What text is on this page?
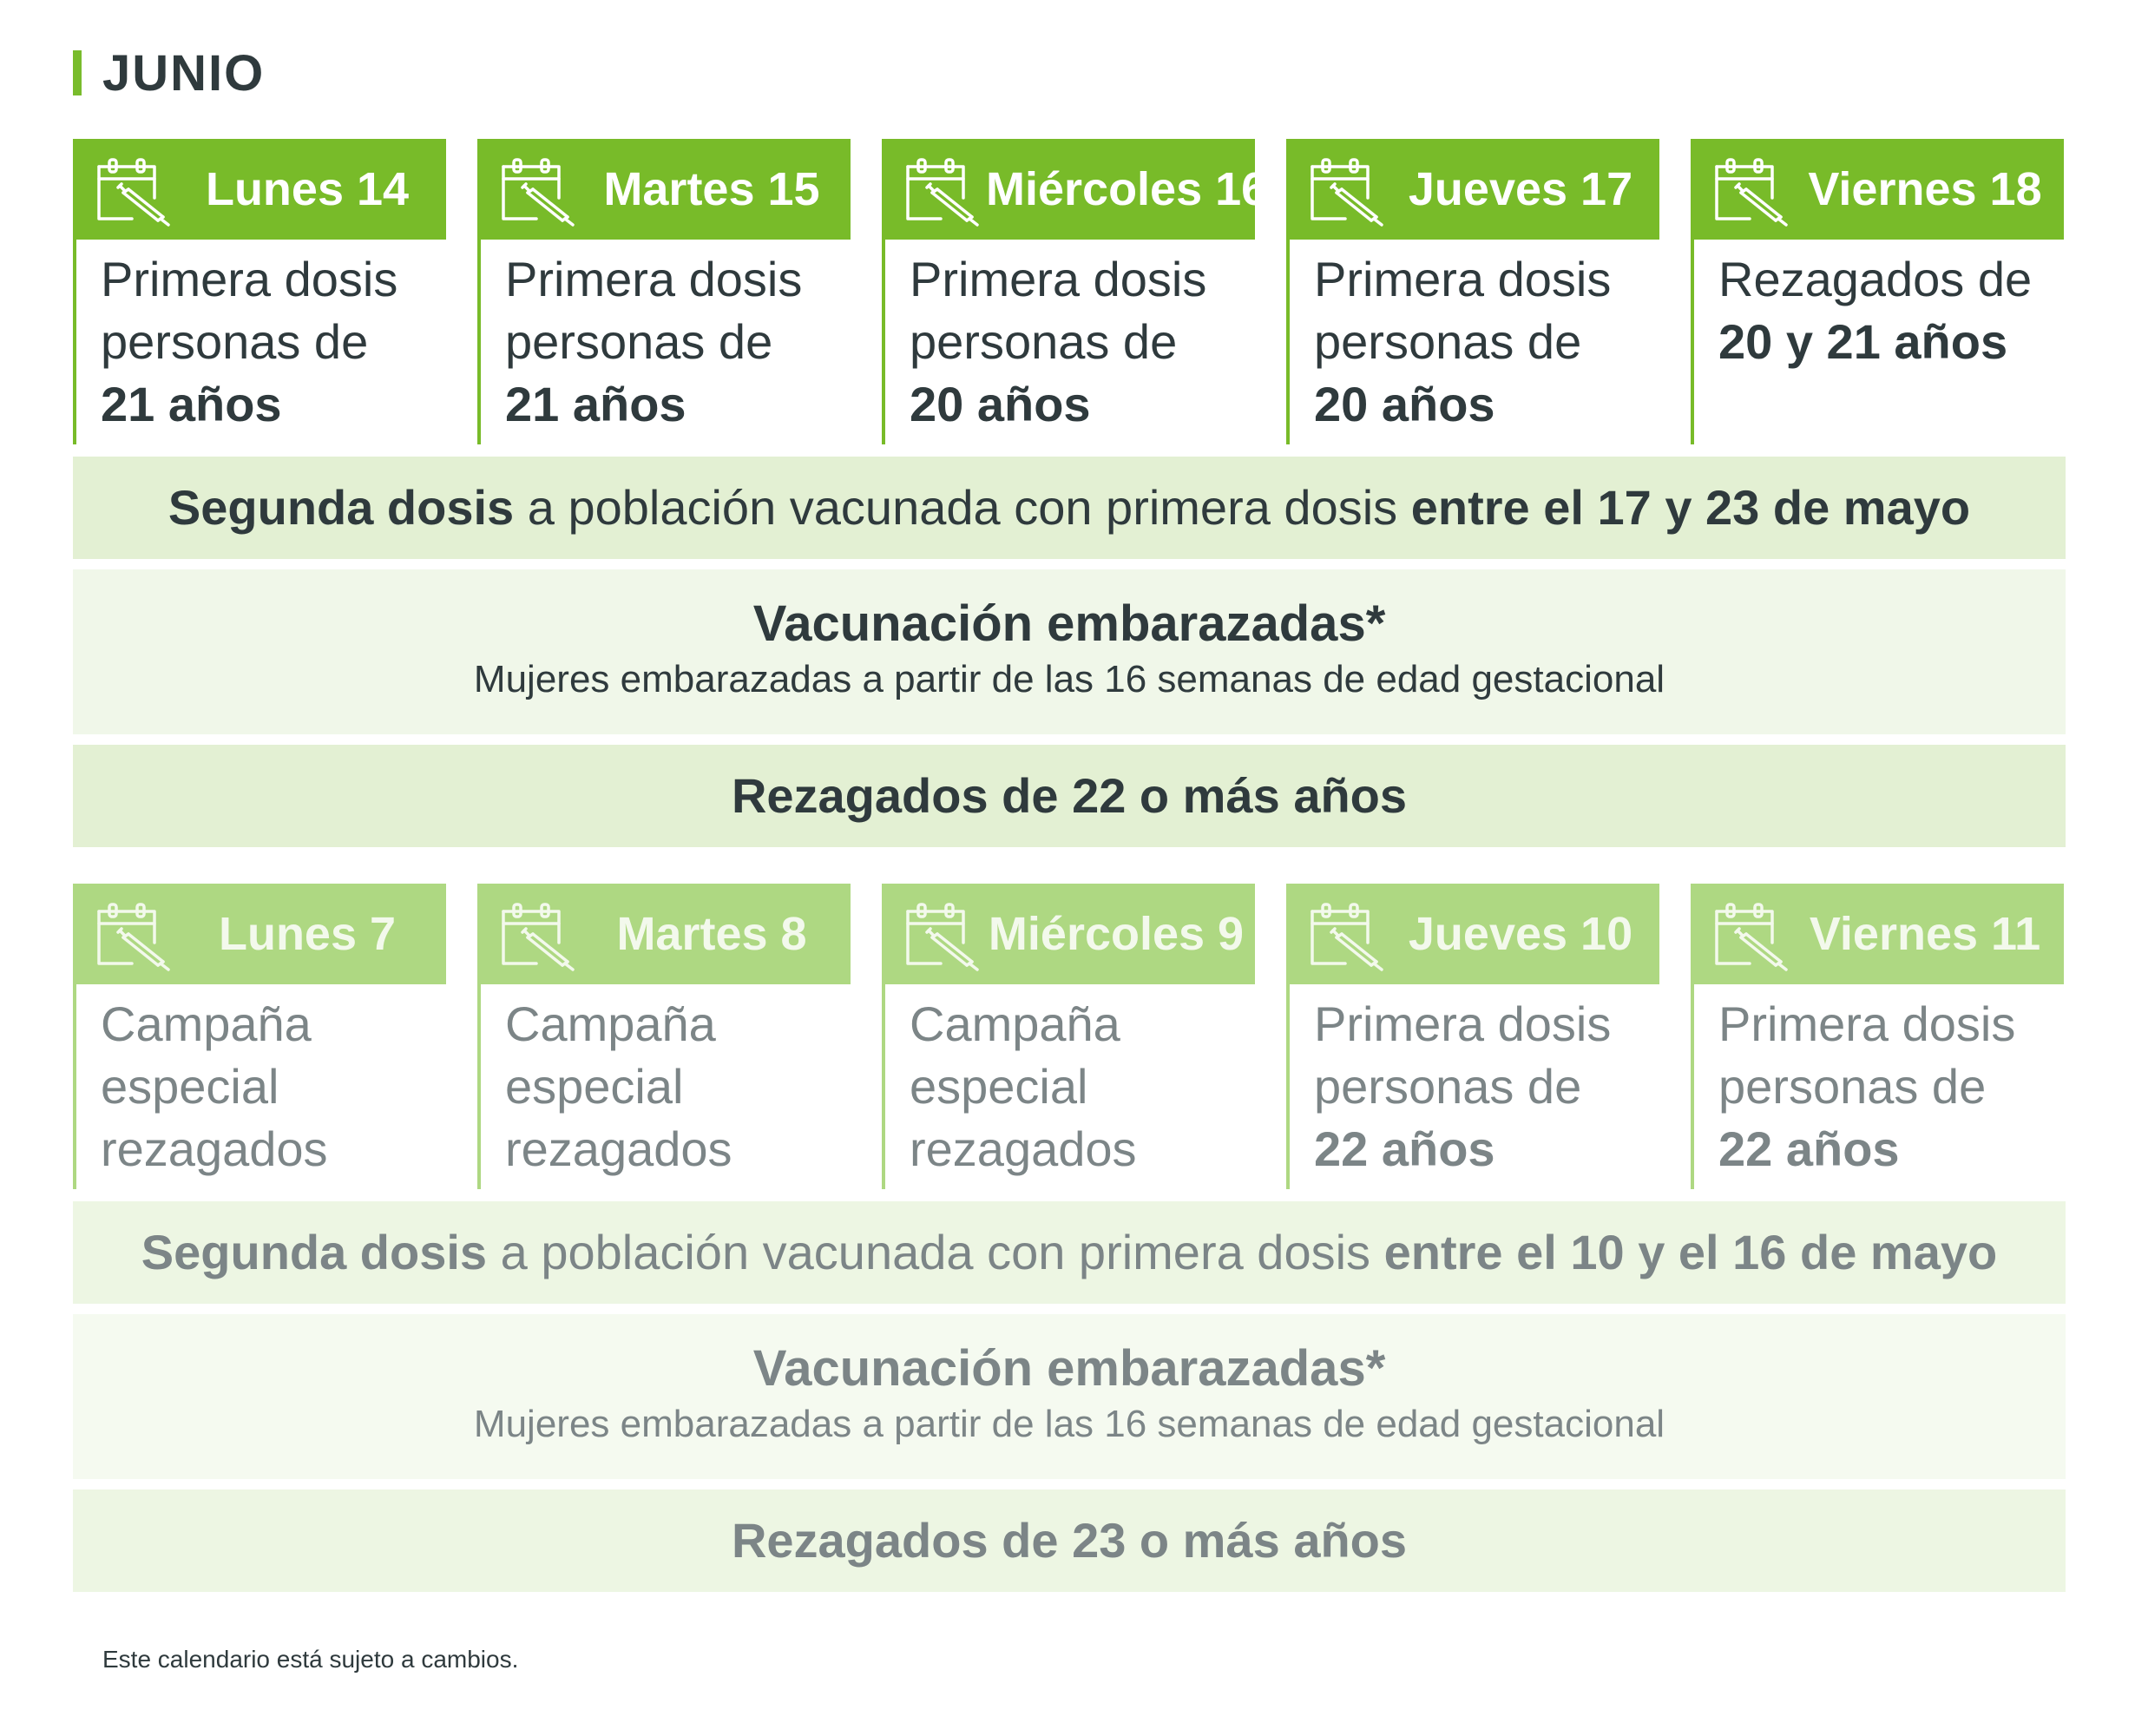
JUNIO
Lunes 14
Primera dosis
personas de
21 años
Martes 15
Primera dosis
personas de
21 años
Miércoles 16
Primera dosis
personas de
20 años
Jueves 17
Primera dosis
personas de
20 años
Viernes 18
Rezagados de
20 y 21 años

Segunda dosis a población vacunada con primera dosis entre el 17 y 23 de mayo
Vacunación embarazadas*
Mujeres embarazadas a partir de las 16 semanas de edad gestacional
Rezagados de 22 o más años
Lunes 7
Campaña
especial
rezagados
Martes 8
Campaña
especial
rezagados
Miércoles 9
Campaña
especial
rezagados
Jueves 10
Primera dosis
personas de
22 años
Viernes 11
Primera dosis
personas de
22 años
Segunda dosis a población vacunada con primera dosis entre el 10 y el 16 de mayo
Vacunación embarazadas*
Mujeres embarazadas a partir de las 16 semanas de edad gestacional
Rezagados de 23 o más años
Este calendario está sujeto a cambios.
